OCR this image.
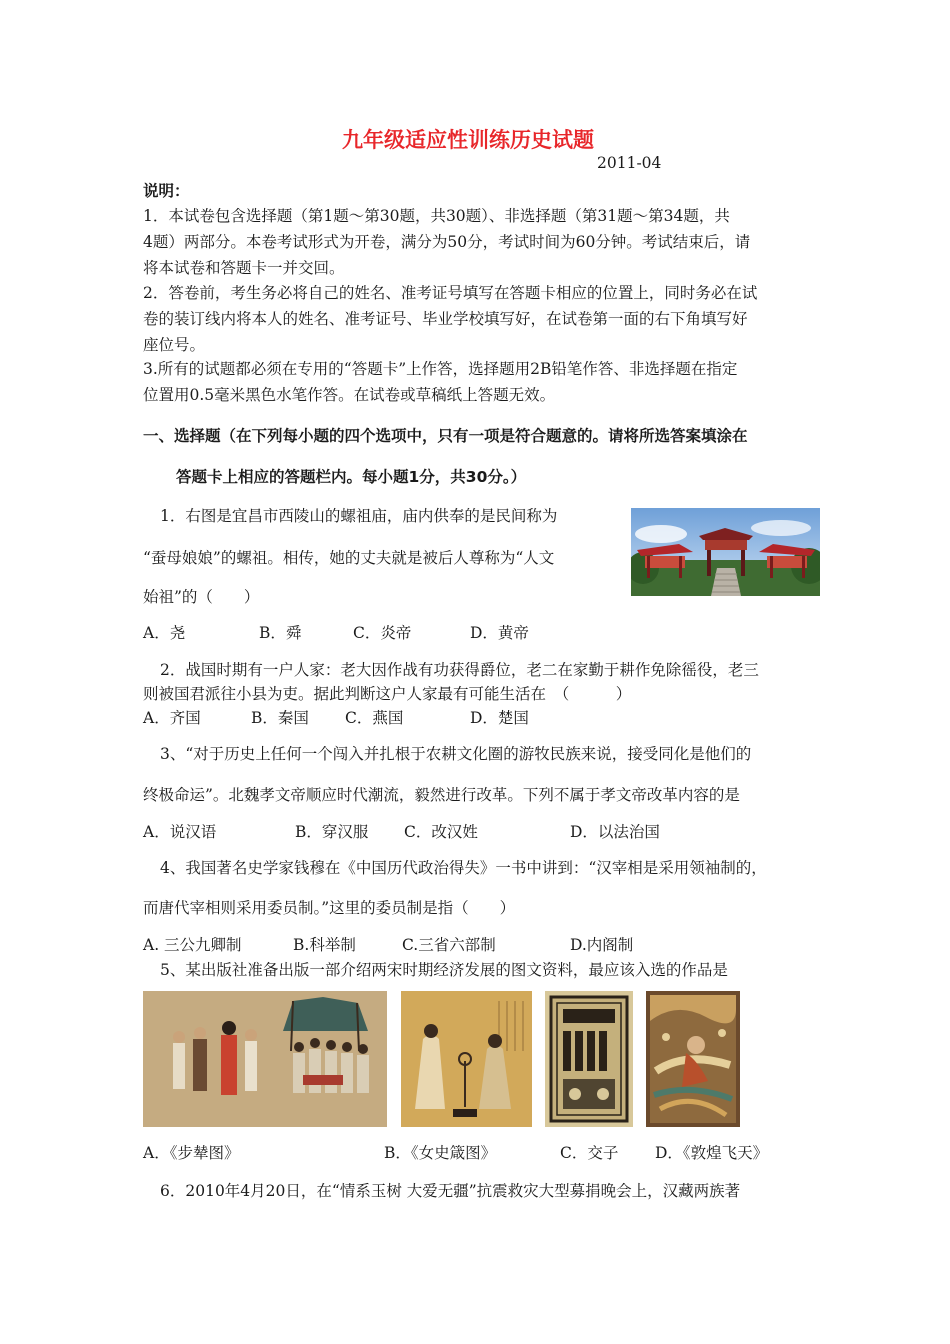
九年级适应性训练历史试题
2011-04
说明：
1．本试卷包含选择题（第1题～第30题，共30题）、非选择题（第31题～第34题，共
4题）两部分。本卷考试形式为开卷，满分为50分，考试时间为60分钟。考试结束后，请
将本试卷和答题卡一并交回。
2．答卷前，考生务必将自己的姓名、准考证号填写在答题卡相应的位置上，同时务必在试
卷的装订线内将本人的姓名、准考证号、毕业学校填写好，在试卷第一面的右下角填写好
座位号。
3.所有的试题都必须在专用的“答题卡”上作答，选择题用2B铅笔作答、非选择题在指定
位置用0.5毫米黑色水笔作答。在试卷或草稿纸上答题无效。
一、选择题（在下列每小题的四个选项中，只有一项是符合题意的。请将所选答案填涂在
答题卡上相应的答题栏内。每小题1分，共30分。）
1．右图是宜昌市西陵山的螺祖庙，庙内供奉的是民间称为
“蚕母娘娘”的螺祖。相传，她的丈夫就是被后人尊称为“人文
始祖”的（　　）
A．尧	B．舜	C．炎帝	D．黄帝
2．战国时期有一户人家：老大因作战有功获得爵位，老二在家勤于耕作免除徭役，老三
则被国君派往小县为吏。据此判断这户人家最有可能生活在　（　　　）
A．齐国	B．秦国 C．燕国	D．楚国
3、“对于历史上任何一个闯入并扎根于农耕文化圈的游牧民族来说，接受同化是他们的
终极命运”。北魏孝文帝顺应时代潮流，毅然进行改革。下列不属于孝文帝改革内容的是
A．说汉语	B．穿汉服 C．改汉姓	D．以法治国
4、我国著名史学家钱穆在《中国历代政治得失》一书中讲到：“汉宰相是采用领袖制的，
而唐代宰相则采用委员制。”这里的委员制是指（　　）
A. 三公九卿制	B.科举制	C.三省六部制	D.内阁制
5、某出版社准备出版一部介绍两宋时期经济发展的图文资料，最应该入选的作品是
A．《步辇图》	B．《女史箴图》	C．交子 D．《敦煌飞天》
6．2010年4月20日，在“情系玉树 大爱无疆”抗震救灾大型募捐晚会上，汉藏两族著
